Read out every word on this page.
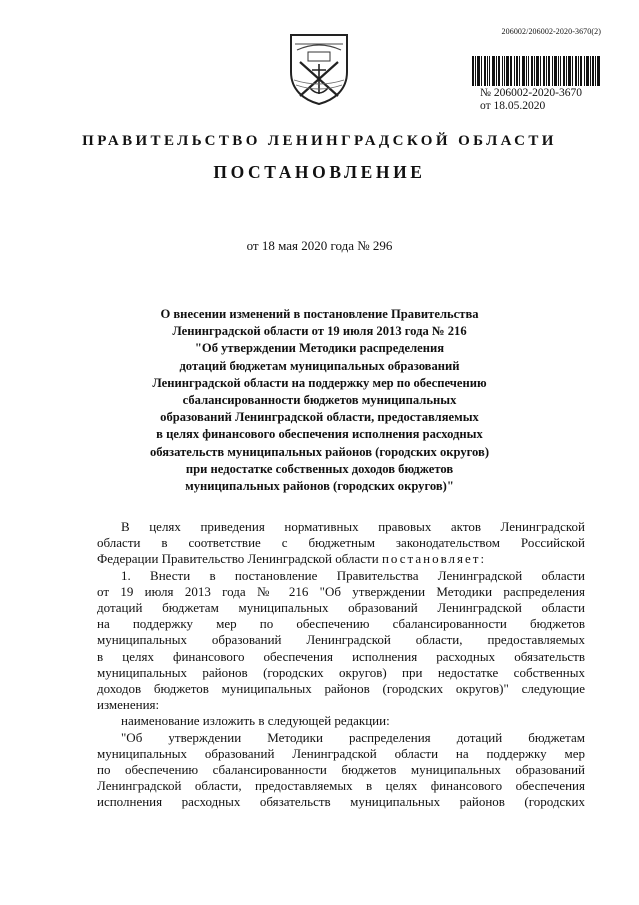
206002/206002-2020-3670(2)
№ 206002-2020-3670
от 18.05.2020
ПРАВИТЕЛЬСТВО ЛЕНИНГРАДСКОЙ ОБЛАСТИ
ПОСТАНОВЛЕНИЕ
от 18 мая 2020 года № 296
О внесении изменений в постановление Правительства
Ленинградской области от 19 июля 2013 года № 216
"Об утверждении Методики распределения
дотаций бюджетам муниципальных образований
Ленинградской области на поддержку мер по обеспечению
сбалансированности бюджетов муниципальных
образований Ленинградской области, предоставляемых
в целях финансового обеспечения исполнения расходных
обязательств муниципальных районов (городских округов)
при недостатке собственных доходов бюджетов
муниципальных районов (городских округов)"
В целях приведения нормативных правовых актов Ленинградской
области в соответствие с бюджетным законодательством Российской
Федерации Правительство Ленинградской области постановляет:
1. Внести в постановление Правительства Ленинградской области
от 19 июля 2013 года № 216 "Об утверждении Методики распределения
дотаций бюджетам муниципальных образований Ленинградской области
на поддержку мер по обеспечению сбалансированности бюджетов
муниципальных образований Ленинградской области, предоставляемых
в целях финансового обеспечения исполнения расходных обязательств
муниципальных районов (городских округов) при недостатке собственных
доходов бюджетов муниципальных районов (городских округов)" следующие
изменения:
наименование изложить в следующей редакции:
"Об утверждении Методики распределения дотаций бюджетам
муниципальных образований Ленинградской области на поддержку мер
по обеспечению сбалансированности бюджетов муниципальных образований
Ленинградской области, предоставляемых в целях финансового обеспечения
исполнения расходных обязательств муниципальных районов (городских
